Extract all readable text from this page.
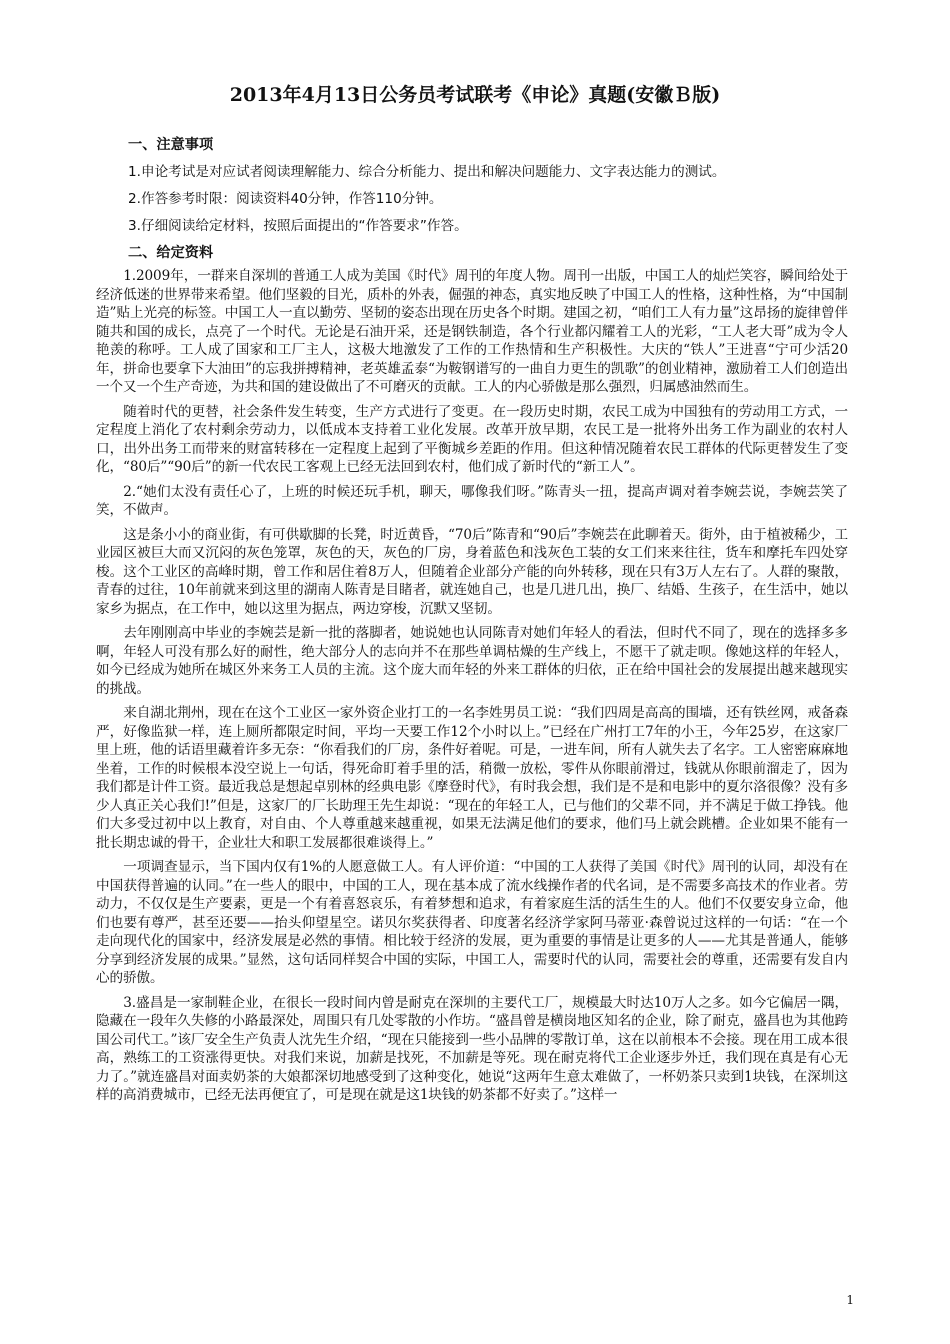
2013年4月13日公务员考试联考《申论》真题(安徽Ｂ版)
一、注意事项
1.申论考试是对应试者阅读理解能力、综合分析能力、提出和解决问题能力、文字表达能力的测试。
2.作答参考时限：阅读资料40分钟，作答110分钟。
3.仔细阅读给定材料，按照后面提出的“作答要求”作答。
二、给定资料

1.2009年，一群来自深圳的普通工人成为美国《时代》周刊的年度人物。周刊一出版，中国工人的灿烂笑容，瞬间给处于经济低迷的世界带来希望。他们坚毅的目光，质朴的外表，倔强的神态，真实地反映了中国工人的性格，这种性格，为“中国制造”贴上光亮的标签。中国工人一直以勤劳、坚韧的姿态出现在历史各个时期。建国之初，“咱们工人有力量”这昂扬的旋律曾伴随共和国的成长，点亮了一个时代。无论是石油开采，还是钢铁制造，各个行业都闪耀着工人的光彩，“工人老大哥”成为令人艳羡的称呼。工人成了国家和工厂主人，这极大地激发了工作的工作热情和生产积极性。大庆的“铁人”王进喜“宁可少活20年，拼命也要拿下大油田”的忘我拼搏精神，老英雄孟泰“为鞍钢谱写的一曲自力更生的凯歌”的创业精神，激励着工人们创造出一个又一个生产奇迹，为共和国的建设做出了不可磨灭的贡献。工人的内心骄傲是那么强烈，归属感油然而生。

随着时代的更替，社会条件发生转变，生产方式进行了变更。在一段历史时期，农民工成为中国独有的劳动用工方式，一定程度上消化了农村剩余劳动力，以低成本支持着工业化发展。改革开放早期，农民工是一批将外出务工作为副业的农村人口，出外出务工而带来的财富转移在一定程度上起到了平衡城乡差距的作用。但这种情况随着农民工群体的代际更替发生了变化，“80后”“90后”的新一代农民工客观上已经无法回到农村，他们成了新时代的“新工人”。

2.“她们太没有责任心了，上班的时候还玩手机，聊天，哪像我们呀。”陈青头一扭，提高声调对着李婉芸说，李婉芸笑了笑，不做声。

这是条小小的商业街，有可供歇脚的长凳，时近黄昏，“70后”陈青和“90后”李婉芸在此聊着天。街外，由于植被稀少，工业园区被巨大而又沉闷的灰色笼罩，灰色的天，灰色的厂房，身着蓝色和浅灰色工装的女工们来来往往，货车和摩托车四处穿梭。这个工业区的高峰时期，曾工作和居住着8万人，但随着企业部分产能的向外转移，现在只有3万人左右了。人群的聚散，青春的过往，10年前就来到这里的湖南人陈青是目睹者，就连她自己，也是几进几出，换厂、结婚、生孩子，在生活中，她以家乡为据点，在工作中，她以这里为据点，两边穿梭，沉默又坚韧。

去年刚刚高中毕业的李婉芸是新一批的落脚者，她说她也认同陈青对她们年轻人的看法，但时代不同了，现在的选择多多啊，年轻人可没有那么好的耐性，绝大部分人的志向并不在那些单调枯燥的生产线上，不愿干了就走呗。像她这样的年轻人，如今已经成为她所在城区外来务工人员的主流。这个庞大而年轻的外来工群体的归依，正在给中国社会的发展提出越来越现实的挑战。

来自湖北荆州，现在在这个工业区一家外资企业打工的一名李姓男员工说：“我们四周是高高的围墙，还有铁丝网，戒备森严，好像监狱一样，连上厕所都限定时间，平均一天要工作12个小时以上。”已经在广州打工7年的小王，今年25岁，在这家厂里上班，他的话语里藏着许多无奈：“你看我们的厂房，条件好着呢。可是，一进车间，所有人就失去了名字。工人密密麻麻地坐着，工作的时候根本没空说上一句话，得死命盯着手里的活，稍微一放松，零件从你眼前滑过，钱就从你眼前溜走了，因为我们都是计件工资。最近我总是想起卓别林的经典电影《摩登时代》，有时我会想，我们是不是和电影中的夏尔洛很像？没有多少人真正关心我们!”但是，这家厂的厂长助理王先生却说：“现在的年轻工人，已与他们的父辈不同，并不满足于做工挣钱。他们大多受过初中以上教育，对自由、个人尊重越来越重视，如果无法满足他们的要求，他们马上就会跳槽。企业如果不能有一批长期忠诚的骨干，企业壮大和职工发展都很难谈得上。”

一项调查显示，当下国内仅有1%的人愿意做工人。有人评价道：“中国的工人获得了美国《时代》周刊的认同，却没有在中国获得普遍的认同。”在一些人的眼中，中国的工人，现在基本成了流水线操作者的代名词，是不需要多高技术的作业者。劳动力，不仅仅是生产要素，更是一个有着喜怒哀乐，有着梦想和追求，有着家庭生活的活生生的人。他们不仅要安身立命，他们也要有尊严，甚至还要——抬头仰望星空。诺贝尔奖获得者、印度著名经济学家阿马蒂亚·森曾说过这样的一句话：“在一个走向现代化的国家中，经济发展是必然的事情。相比较于经济的发展，更为重要的事情是让更多的人——尤其是普通人，能够分享到经济发展的成果。”显然，这句话同样契合中国的实际，中国工人，需要时代的认同，需要社会的尊重，还需要有发自内心的骄傲。

3.盛昌是一家制鞋企业，在很长一段时间内曾是耐克在深圳的主要代工厂，规模最大时达10万人之多。如今它偏居一隅，隐藏在一段年久失修的小路最深处，周围只有几处零散的小作坊。“盛昌曾是横岗地区知名的企业，除了耐克，盛昌也为其他跨国公司代工。”该厂安全生产负责人沈先生介绍，“现在只能接到一些小品牌的零散订单，这在以前根本不会接。现在用工成本很高，熟练工的工资涨得更快。对我们来说，加薪是找死，不加薪是等死。现在耐克将代工企业逐步外迁，我们现在真是有心无力了。”就连盛昌对面卖奶茶的大娘都深切地感受到了这种变化，她说“这两年生意太难做了，一杯奶茶只卖到1块钱，在深圳这样的高消费城市，已经无法再便宜了，可是现在就是这1块钱的奶茶都不好卖了。”这样一

1
